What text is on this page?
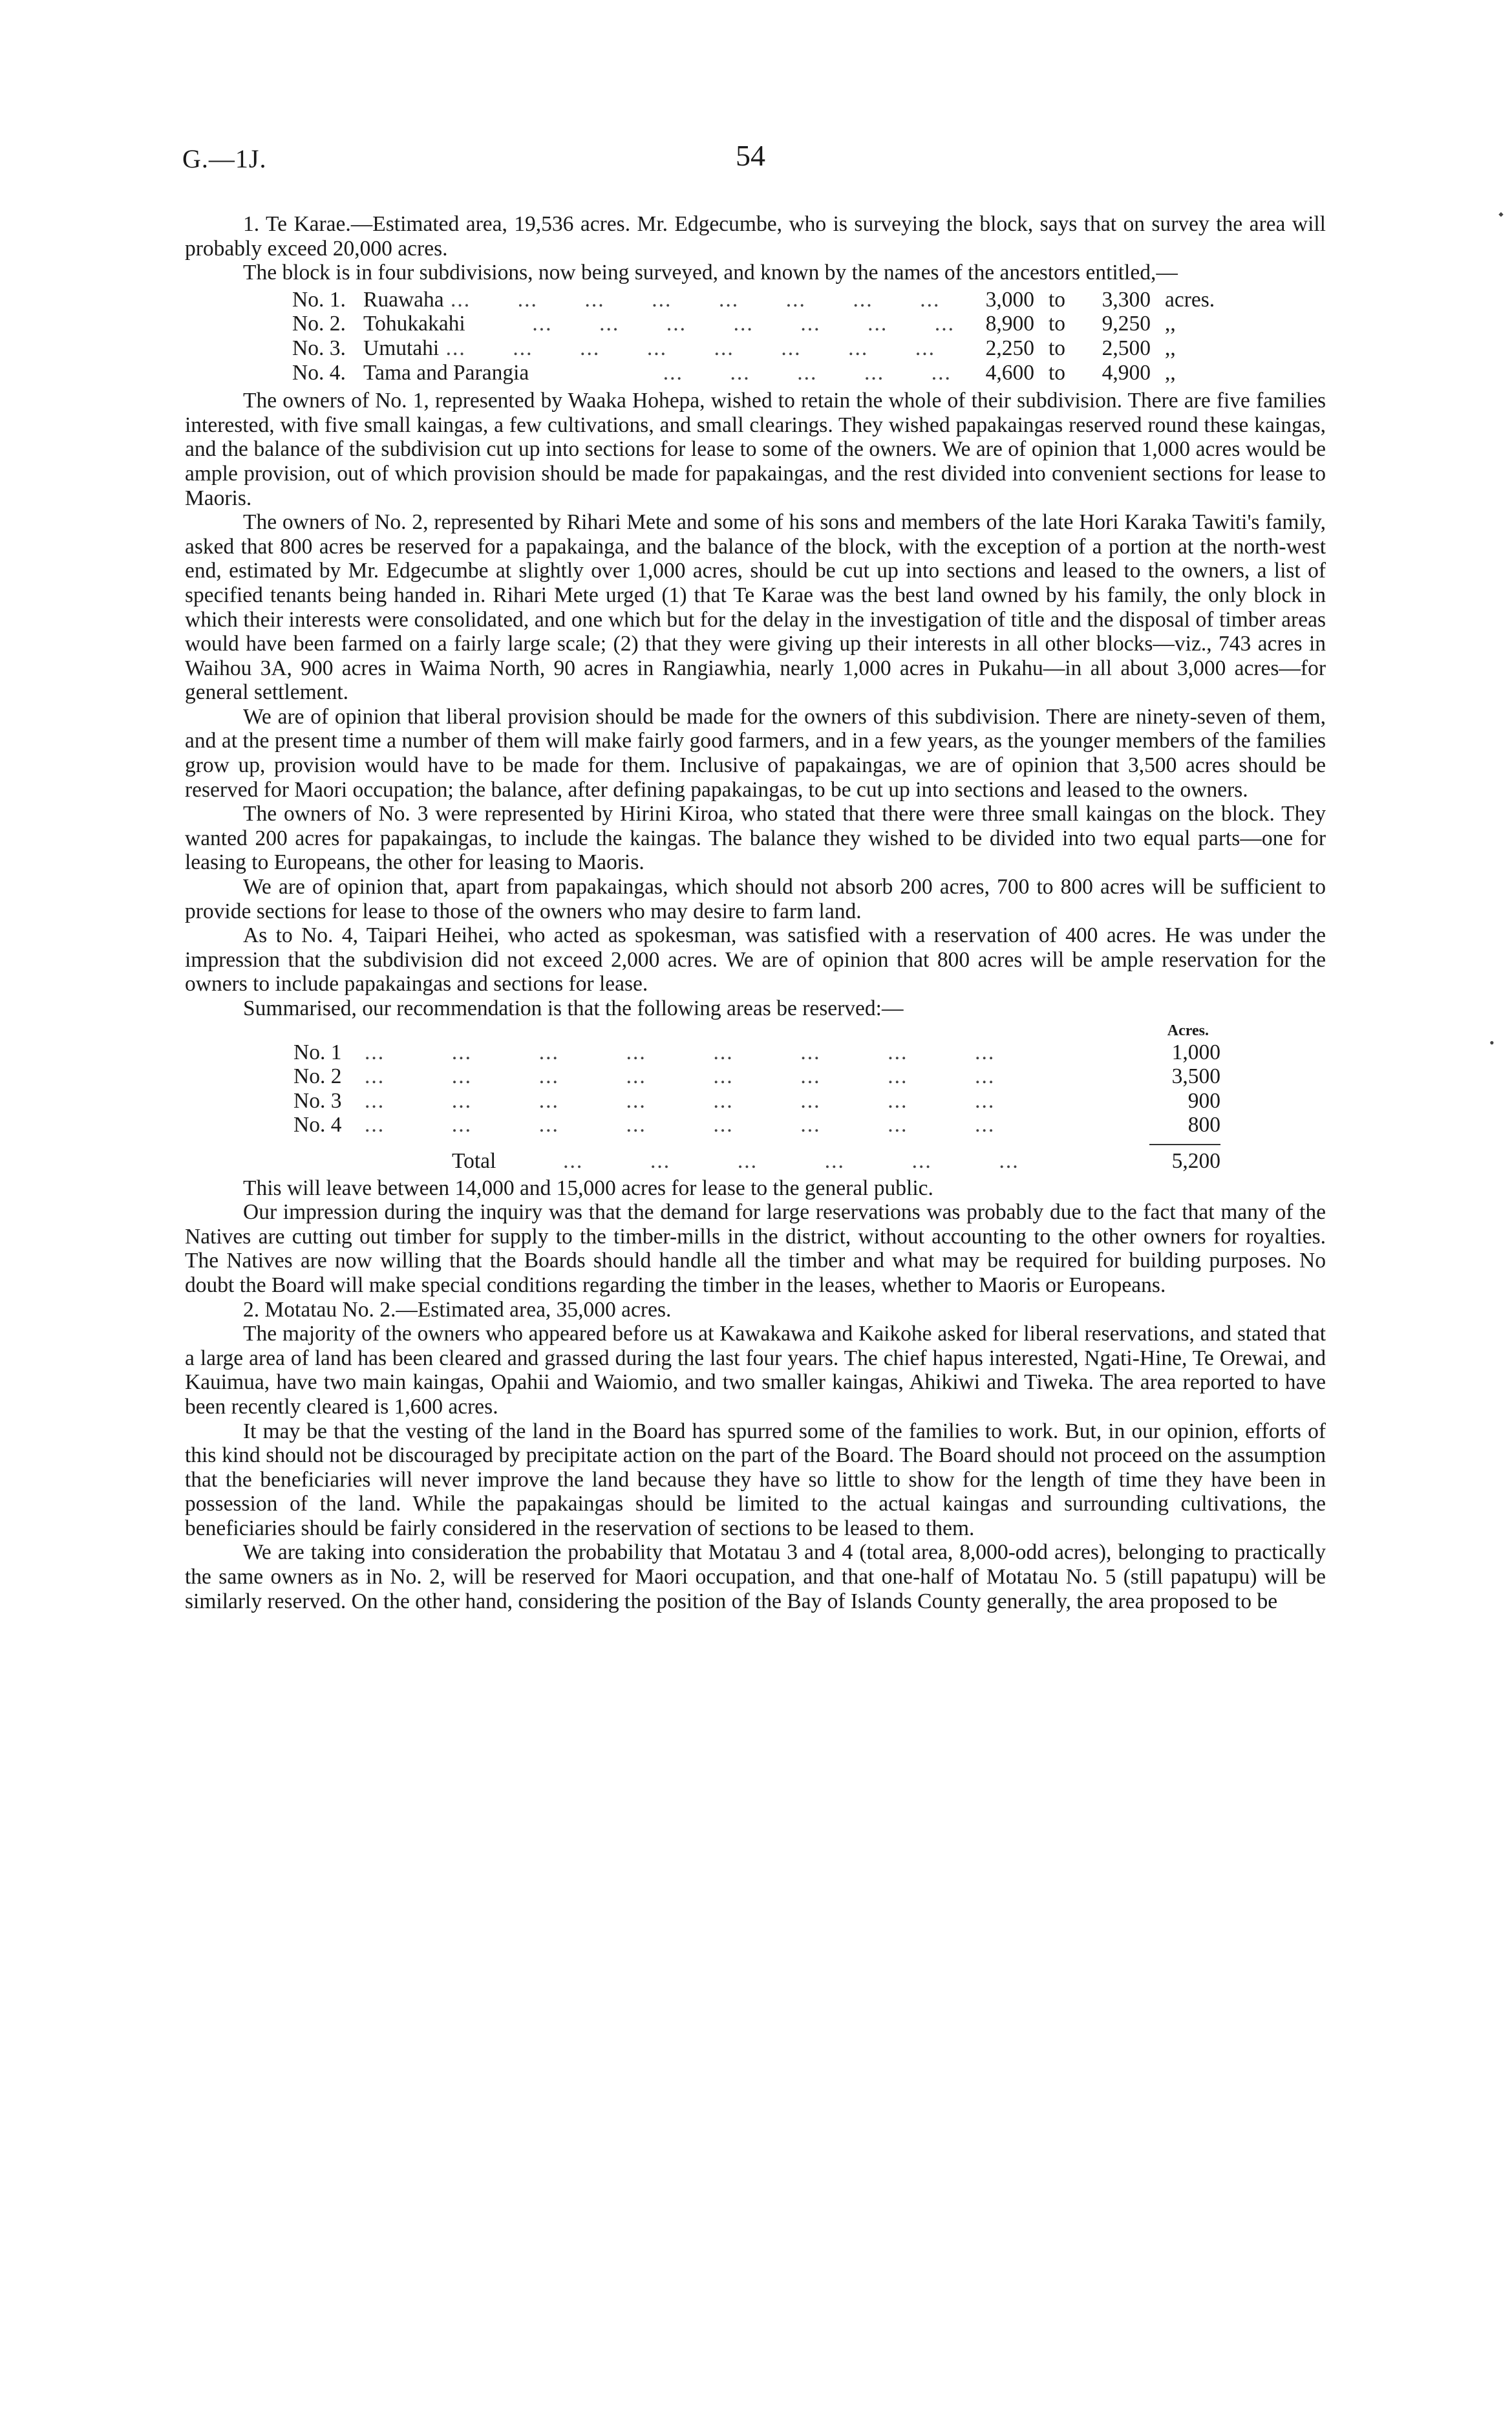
G.—1J.	54
⬩
•

1. Te Karae.—Estimated area, 19,536 acres. Mr. Edgecumbe, who is surveying the block, says that on survey the area will probably exceed 20,000 acres.

The block is in four subdivisions, now being surveyed, and known by the names of the ancestors entitled,—

No. 1. Ruawaha ...       ...       ...       ...       ...       ...       ...       ...	3,000 to	3,300 acres.
No. 2. Tohukakahi          ...       ...       ...       ...       ...       ...       ...	8,900 to	9,250 ,,
No. 3. Umutahi ...       ...       ...       ...       ...       ...       ...       ...	2,250 to	2,500 ,,
No. 4. Tama and Parangia                    ...       ...       ...       ...       ...	4,600 to	4,900 ,,

The owners of No. 1, represented by Waaka Hohepa, wished to retain the whole of their subdivision. There are five families interested, with five small kaingas, a few cultivations, and small clearings. They wished papakaingas reserved round these kaingas, and the balance of the subdivision cut up into sections for lease to some of the owners. We are of opinion that 1,000 acres would be ample provision, out of which provision should be made for papakaingas, and the rest divided into convenient sections for lease to Maoris.

The owners of No. 2, represented by Rihari Mete and some of his sons and members of the late Hori Karaka Tawiti's family, asked that 800 acres be reserved for a papakainga, and the balance of the block, with the exception of a portion at the north-west end, estimated by Mr. Edgecumbe at slightly over 1,000 acres, should be cut up into sections and leased to the owners, a list of specified tenants being handed in. Rihari Mete urged (1) that Te Karae was the best land owned by his family, the only block in which their interests were consolidated, and one which but for the delay in the investigation of title and the disposal of timber areas would have been farmed on a fairly large scale; (2) that they were giving up their interests in all other blocks—viz., 743 acres in Waihou 3A, 900 acres in Waima North, 90 acres in Rangiawhia, nearly 1,000 acres in Pukahu—in all about 3,000 acres—for general settlement.

We are of opinion that liberal provision should be made for the owners of this subdivision. There are ninety-seven of them, and at the present time a number of them will make fairly good farmers, and in a few years, as the younger members of the families grow up, provision would have to be made for them. Inclusive of papakaingas, we are of opinion that 3,500 acres should be reserved for Maori occupation; the balance, after defining papakaingas, to be cut up into sections and leased to the owners.

The owners of No. 3 were represented by Hirini Kiroa, who stated that there were three small kaingas on the block. They wanted 200 acres for papakaingas, to include the kaingas. The balance they wished to be divided into two equal parts—one for leasing to Europeans, the other for leasing to Maoris.

We are of opinion that, apart from papakaingas, which should not absorb 200 acres, 700 to 800 acres will be sufficient to provide sections for lease to those of the owners who may desire to farm land.

As to No. 4, Taipari Heihei, who acted as spokesman, was satisfied with a reservation of 400 acres. He was under the impression that the subdivision did not exceed 2,000 acres. We are of opinion that 800 acres will be ample reservation for the owners to include papakaingas and sections for lease.

Summarised, our recommendation is that the following areas be reserved:—

Acres.
No. 1	...          ...          ...          ...          ...          ...          ...          ...	1,000
No. 2	...          ...          ...          ...          ...          ...          ...          ...	3,500
No. 3	...          ...          ...          ...          ...          ...          ...          ...	900
No. 4	...          ...          ...          ...          ...          ...          ...          ...	800
Total ...          ...          ...          ...          ...          ...	5,200

This will leave between 14,000 and 15,000 acres for lease to the general public.

Our impression during the inquiry was that the demand for large reservations was probably due to the fact that many of the Natives are cutting out timber for supply to the timber-mills in the district, without accounting to the other owners for royalties. The Natives are now willing that the Boards should handle all the timber and what may be required for building purposes. No doubt the Board will make special conditions regarding the timber in the leases, whether to Maoris or Europeans.

2. Motatau No. 2.—Estimated area, 35,000 acres.

The majority of the owners who appeared before us at Kawakawa and Kaikohe asked for liberal reservations, and stated that a large area of land has been cleared and grassed during the last four years. The chief hapus interested, Ngati-Hine, Te Orewai, and Kauimua, have two main kaingas, Opahii and Waiomio, and two smaller kaingas, Ahikiwi and Tiweka. The area reported to have been recently cleared is 1,600 acres.

It may be that the vesting of the land in the Board has spurred some of the families to work. But, in our opinion, efforts of this kind should not be discouraged by precipitate action on the part of the Board. The Board should not proceed on the assumption that the beneficiaries will never improve the land because they have so little to show for the length of time they have been in possession of the land. While the papakaingas should be limited to the actual kaingas and surrounding cultivations, the beneficiaries should be fairly considered in the reservation of sections to be leased to them.

We are taking into consideration the probability that Motatau 3 and 4 (total area, 8,000-odd acres), belonging to practically the same owners as in No. 2, will be reserved for Maori occupation, and that one-half of Motatau No. 5 (still papatupu) will be similarly reserved. On the other hand, considering the position of the Bay of Islands County generally, the area proposed to be
